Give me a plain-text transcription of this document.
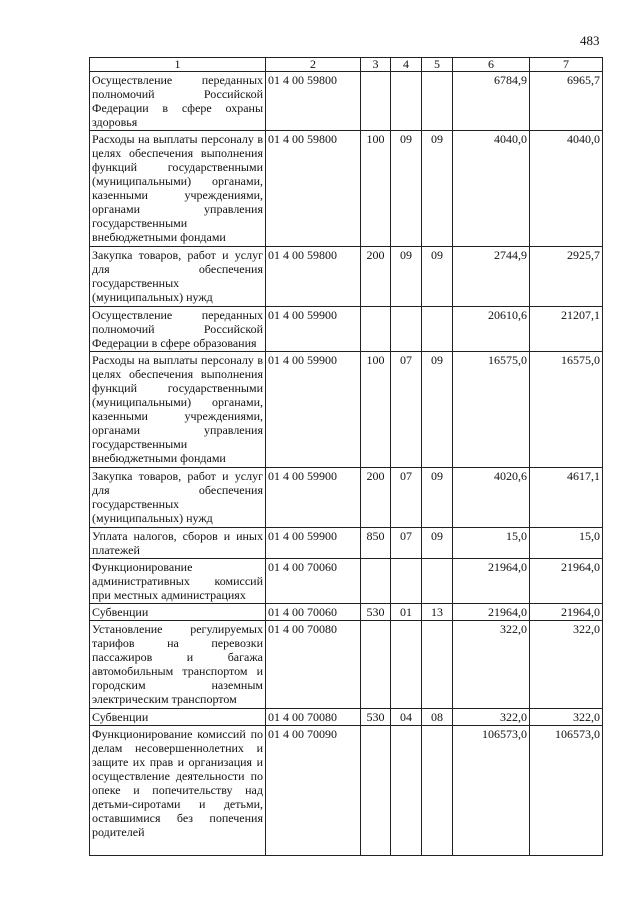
483
1	2	3	4	5	6	7
Осуществление переданных полномочий Российской Федерации в сфере охраны здоровья	01 4 00 59800				6784,9	6965,7
Расходы на выплаты персоналу в целях обеспечения выполнения функций государственными (муниципальными) органами, казенными учреждениями, органами управления государственными внебюджетными фондами	01 4 00 59800	100	09	09	4040,0	4040,0
Закупка товаров, работ и услуг для обеспечения государственных (муниципальных) нужд	01 4 00 59800	200	09	09	2744,9	2925,7
Осуществление переданных полномочий Российской Федерации в сфере образования	01 4 00 59900				20610,6	21207,1
Расходы на выплаты персоналу в целях обеспечения выполнения функций государственными (муниципальными) органами, казенными учреждениями, органами управления государственными внебюджетными фондами	01 4 00 59900	100	07	09	16575,0	16575,0
Закупка товаров, работ и услуг для обеспечения государственных (муниципальных) нужд	01 4 00 59900	200	07	09	4020,6	4617,1
Уплата налогов, сборов и иных платежей	01 4 00 59900	850	07	09	15,0	15,0
Функционирование административных комиссий при местных администрациях	01 4 00 70060				21964,0	21964,0
Субвенции	01 4 00 70060	530	01	13	21964,0	21964,0
Установление регулируемых тарифов на перевозки пассажиров и багажа автомобильным транспортом и городским наземным электрическим транспортом	01 4 00 70080				322,0	322,0
Субвенции	01 4 00 70080	530	04	08	322,0	322,0
Функционирование комиссий по делам несовершеннолетних и защите их прав и организация и осуществление деятельности по опеке и попечительству над детьми-сиротами и детьми, оставшимися без попечения родителей	01 4 00 70090				106573,0	106573,0
